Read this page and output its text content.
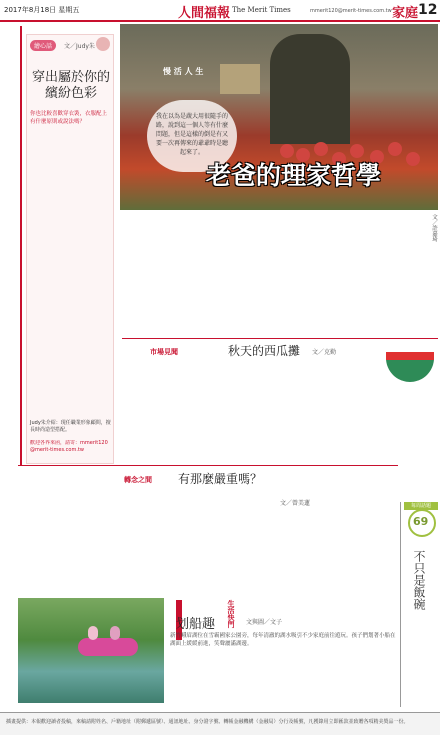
2017年8月18日 星期五	人間福報 The Merit Times	mmerit120@merit-times.com.tw 家庭 12
繪心話	文／Judy朱
穿出屬於你的繽紛色彩
你也比較喜歡穿衣裝，衣服配上有什麼原則或說法嗎？
Judy朱介紹：現任職業形象顧問，擅長時尚造型搭配。
歡迎各界來函，請寄：mmerit120@merit-times.com.tw
慢 活 人 生
我在以為是蔬大用很隨手的路，說到這一個人等有什麼問題，但是這樣的倒是有又要一次再傳來的爺爺時是聽起來了。
老爸的理家哲學
文／許嘉琦
市場見聞	秋天的西瓜攤 文／克勤
轉念之間 有那麼嚴重嗎？
文／曾美蓮	每周話題
69
不只是飯碗
生活快門
划船趣	文與圖／文子
新竹峨眉湖位在雪霸國家公園旁，每年清澈的湖水吸引不少家庭前往遊玩。孩子們划著小船在湖面上緩緩前進，笑聲灑滿湖邊。
插畫提供：本報歡迎讀者投稿，來稿請附姓名、戶籍地址（附郵遞區號）、通訊地址、身分證字號、轉帳金融機構（金融局）分行及帳號，凡獲錄用立即匯款並致贈各項精美獎品一份。
